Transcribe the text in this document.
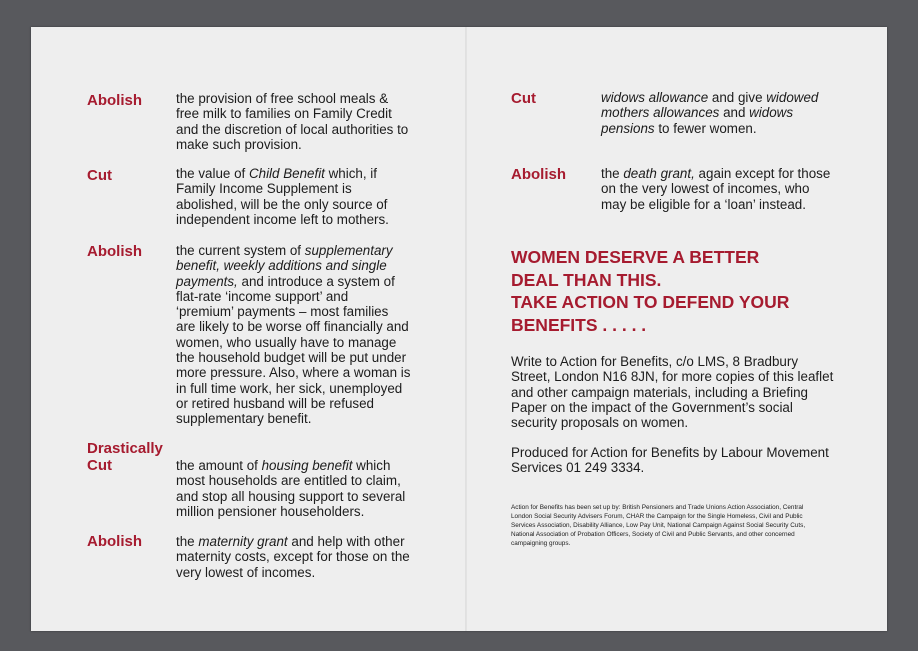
Abolish	the provision of free school meals &
free milk to families on Family Credit
and the discretion of local authorities to
make such provision.
Cut	the value of Child Benefit which, if
Family Income Supplement is
abolished, will be the only source of
independent income left to mothers.
Abolish	the current system of supplementary
benefit, weekly additions and single
payments, and introduce a system of
flat-rate ‘income support’ and
‘premium’ payments – most families
are likely to be worse off financially and
women, who usually have to manage
the household budget will be put under
more pressure. Also, where a woman is
in full time work, her sick, unemployed
or retired husband will be refused
supplementary benefit.
Drastically
Cut	the amount of housing benefit which
most households are entitled to claim,
and stop all housing support to several
million pensioner householders.
Abolish	the maternity grant and help with other
maternity costs, except for those on the
very lowest of incomes.
Cut	widows allowance and give widowed
mothers allowances and widows
pensions to fewer women.
Abolish	the death grant, again except for those
on the very lowest of incomes, who
may be eligible for a ‘loan’ instead.
WOMEN DESERVE A BETTER
DEAL THAN THIS.
TAKE ACTION TO DEFEND YOUR
BENEFITS . . . . .
Write to Action for Benefits, c/o LMS, 8 Bradbury
Street, London N16 8JN, for more copies of this leaflet
and other campaign materials, including a Briefing
Paper on the impact of the Government’s social
security proposals on women.
Produced for Action for Benefits by Labour Movement
Services 01 249 3334.
Action for Benefits has been set up by: British Pensioners and Trade Unions Action Association, Central
London Social Security Advisers Forum, CHAR the Campaign for the Single Homeless, Civil and Public
Services Association, Disability Alliance, Low Pay Unit, National Campaign Against Social Security Cuts,
National Association of Probation Officers, Society of Civil and Public Servants, and other concerned
campaigning groups.
